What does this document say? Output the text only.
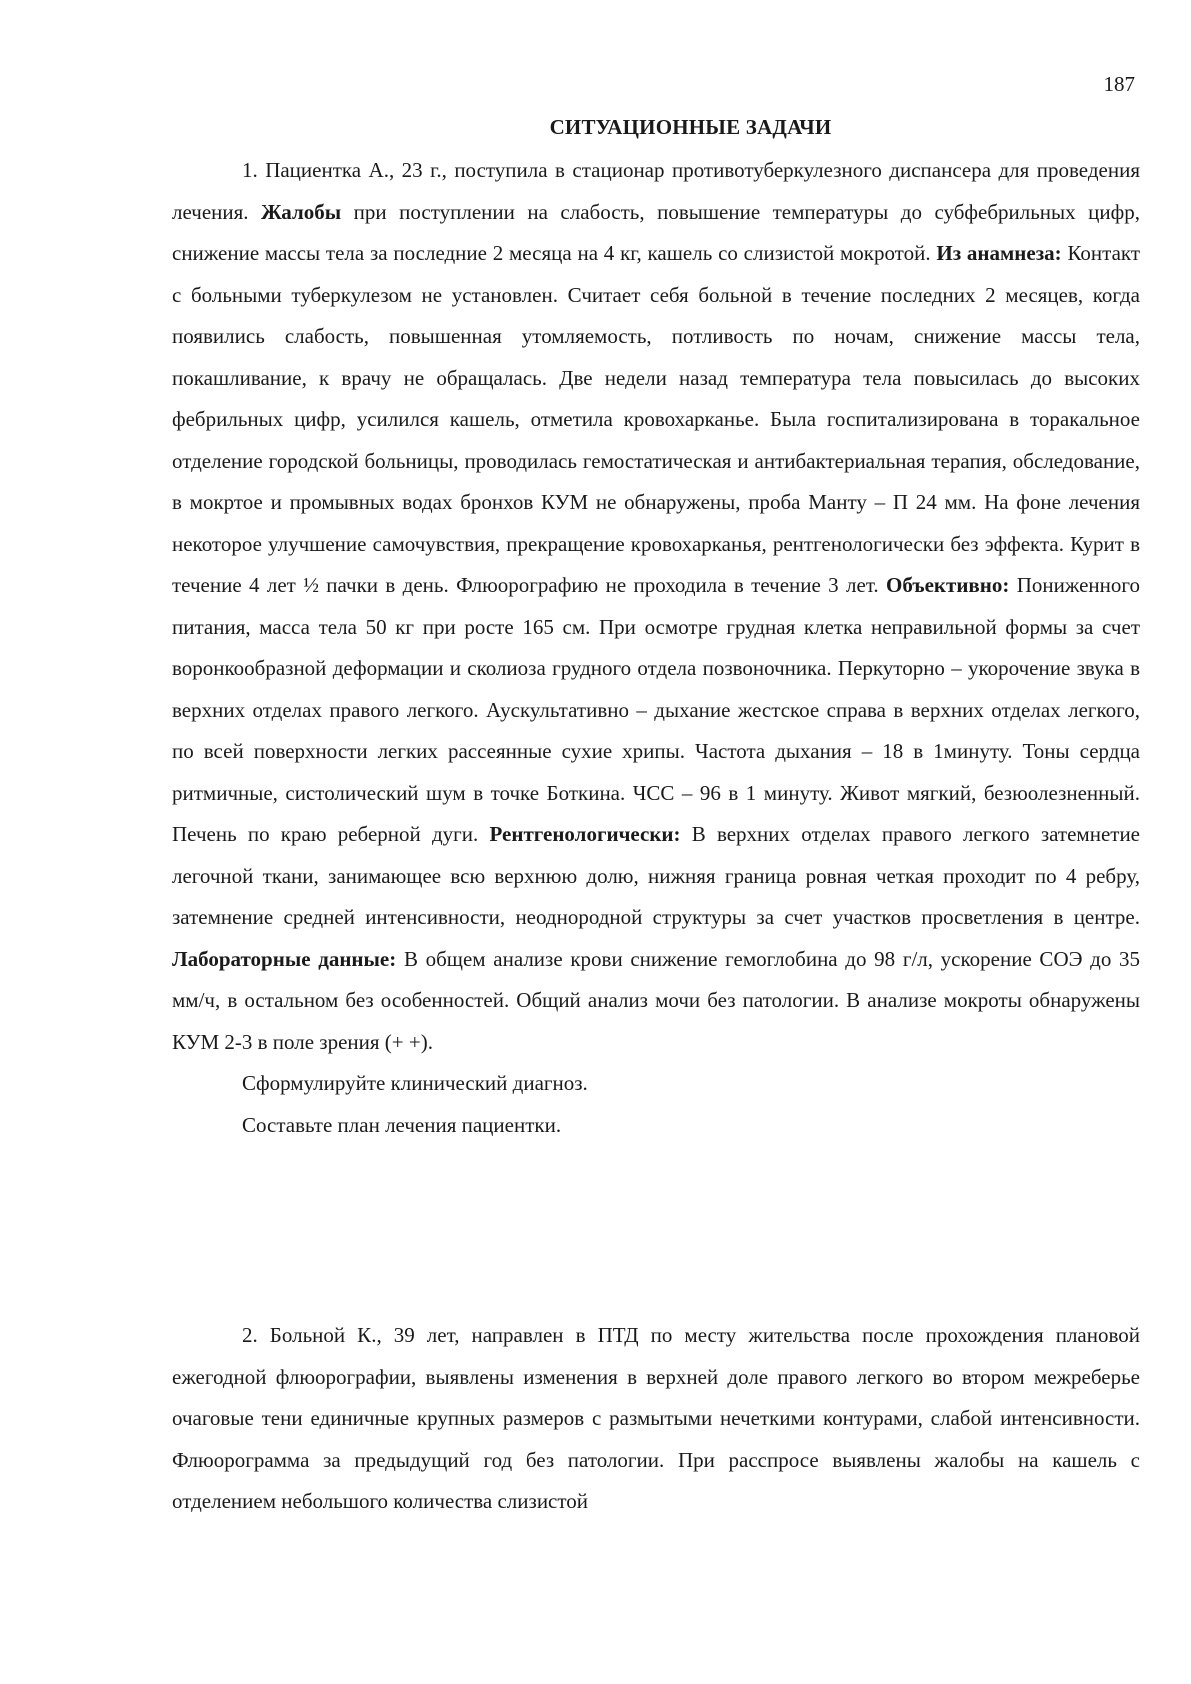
187
СИТУАЦИОННЫЕ ЗАДАЧИ

1. Пациентка А., 23 г., поступила в стационар противотуберкулезного диспансера для проведения лечения. Жалобы при поступлении на слабость, повышение температуры до субфебрильных цифр, снижение массы тела за последние 2 месяца на 4 кг, кашель со слизистой мокротой. Из анамнеза: Контакт с больными туберкулезом не установлен. Считает себя больной в течение последних 2 месяцев, когда появились слабость, повышенная утомляемость, потливость по ночам, снижение массы тела, покашливание, к врачу не обращалась. Две недели назад температура тела повысилась до высоких фебрильных цифр, усилился кашель, отметила кровохарканье. Была госпитализирована в торакальное отделение городской больницы, проводилась гемостатическая и антибактериальная терапия, обследование, в мокртое и промывных водах бронхов КУМ не обнаружены, проба Манту – П 24 мм. На фоне лечения некоторое улучшение самочувствия, прекращение кровохарканья, рентгенологически без эффекта. Курит в течение 4 лет ½ пачки в день. Флюорографию не проходила в течение 3 лет. Объективно: Пониженного питания, масса тела 50 кг при росте 165 см. При осмотре грудная клетка неправильной формы за счет воронкообразной деформации и сколиоза грудного отдела позвоночника. Перкуторно – укорочение звука в верхних отделах правого легкого. Аускультативно – дыхание жестское справа в верхних отделах легкого, по всей поверхности легких рассеянные сухие хрипы. Частота дыхания – 18 в 1минуту. Тоны сердца ритмичные, систолический шум в точке Боткина. ЧСС – 96 в 1 минуту. Живот мягкий, безюолезненный. Печень по краю реберной дуги. Рентгенологически: В верхних отделах правого легкого затемнетие легочной ткани, занимающее всю верхнюю долю, нижняя граница ровная четкая проходит по 4 ребру, затемнение средней интенсивности, неоднородной структуры за счет участков просветления в центре. Лабораторные данные: В общем анализе крови снижение гемоглобина до 98 г/л, ускорение СОЭ до 35 мм/ч, в остальном без особенностей. Общий анализ мочи без патологии. В анализе мокроты обнаружены КУМ 2-3 в поле зрения (+ +).

Сформулируйте клинический диагноз.

Составьте план лечения пациентки.

2. Больной К., 39 лет, направлен в ПТД по месту жительства после прохождения плановой ежегодной флюорографии, выявлены изменения в верхней доле правого легкого во втором межреберье очаговые тени единичные крупных размеров с размытыми нечеткими контурами, слабой интенсивности. Флюорограмма за предыдущий год без патологии. При расспросе выявлены жалобы на кашель с отделением небольшого количества слизистой
